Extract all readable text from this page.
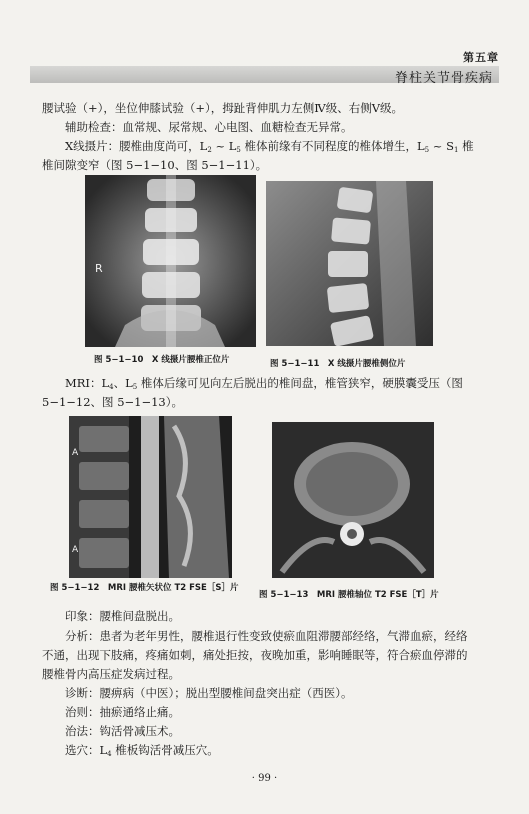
第五章
脊柱关节骨疾病
腰试验（+），坐位伸膝试验（+），拇趾背伸肌力左侧Ⅳ级、右侧Ⅴ级。
辅助检查：血常规、尿常规、心电图、血糖检查无异常。
X线摄片：腰椎曲度尚可，$L_2$ ~ $L_5$ 椎体前缘有不同程度的椎体增生，$L_5$ ~ $S_1$ 椎
椎间隙变窄（图 5−1−10、图 5−1−11）。
R
图 5−1−10　X 线摄片腰椎正位片	图 5−1−11　X 线摄片腰椎侧位片
MRI：$L_4$、$L_5$ 椎体后缘可见向左后脱出的椎间盘，椎管狭窄，硬膜囊受压（图
5−1−12、图 5−1−13）。
A
A
图 5−1−12　MRI 腰椎矢状位 T2 FSE［S］片
图 5−1−13　MRI 腰椎轴位 T2 FSE［T］片
印象：腰椎间盘脱出。
分析：患者为老年男性，腰椎退行性变致使瘀血阻滞腰部经络，气滞血瘀，经络
不通，出现下肢痛，疼痛如刺，痛处拒按，夜晚加重，影响睡眠等，符合瘀血停滞的
腰椎骨内高压症发病过程。
诊断：腰痹病（中医）；脱出型腰椎间盘突出症（西医）。
治则：抽瘀通络止痛。
治法：钩活骨减压术。
选穴：$L_4$ 椎板钩活骨减压穴。
· 99 ·
